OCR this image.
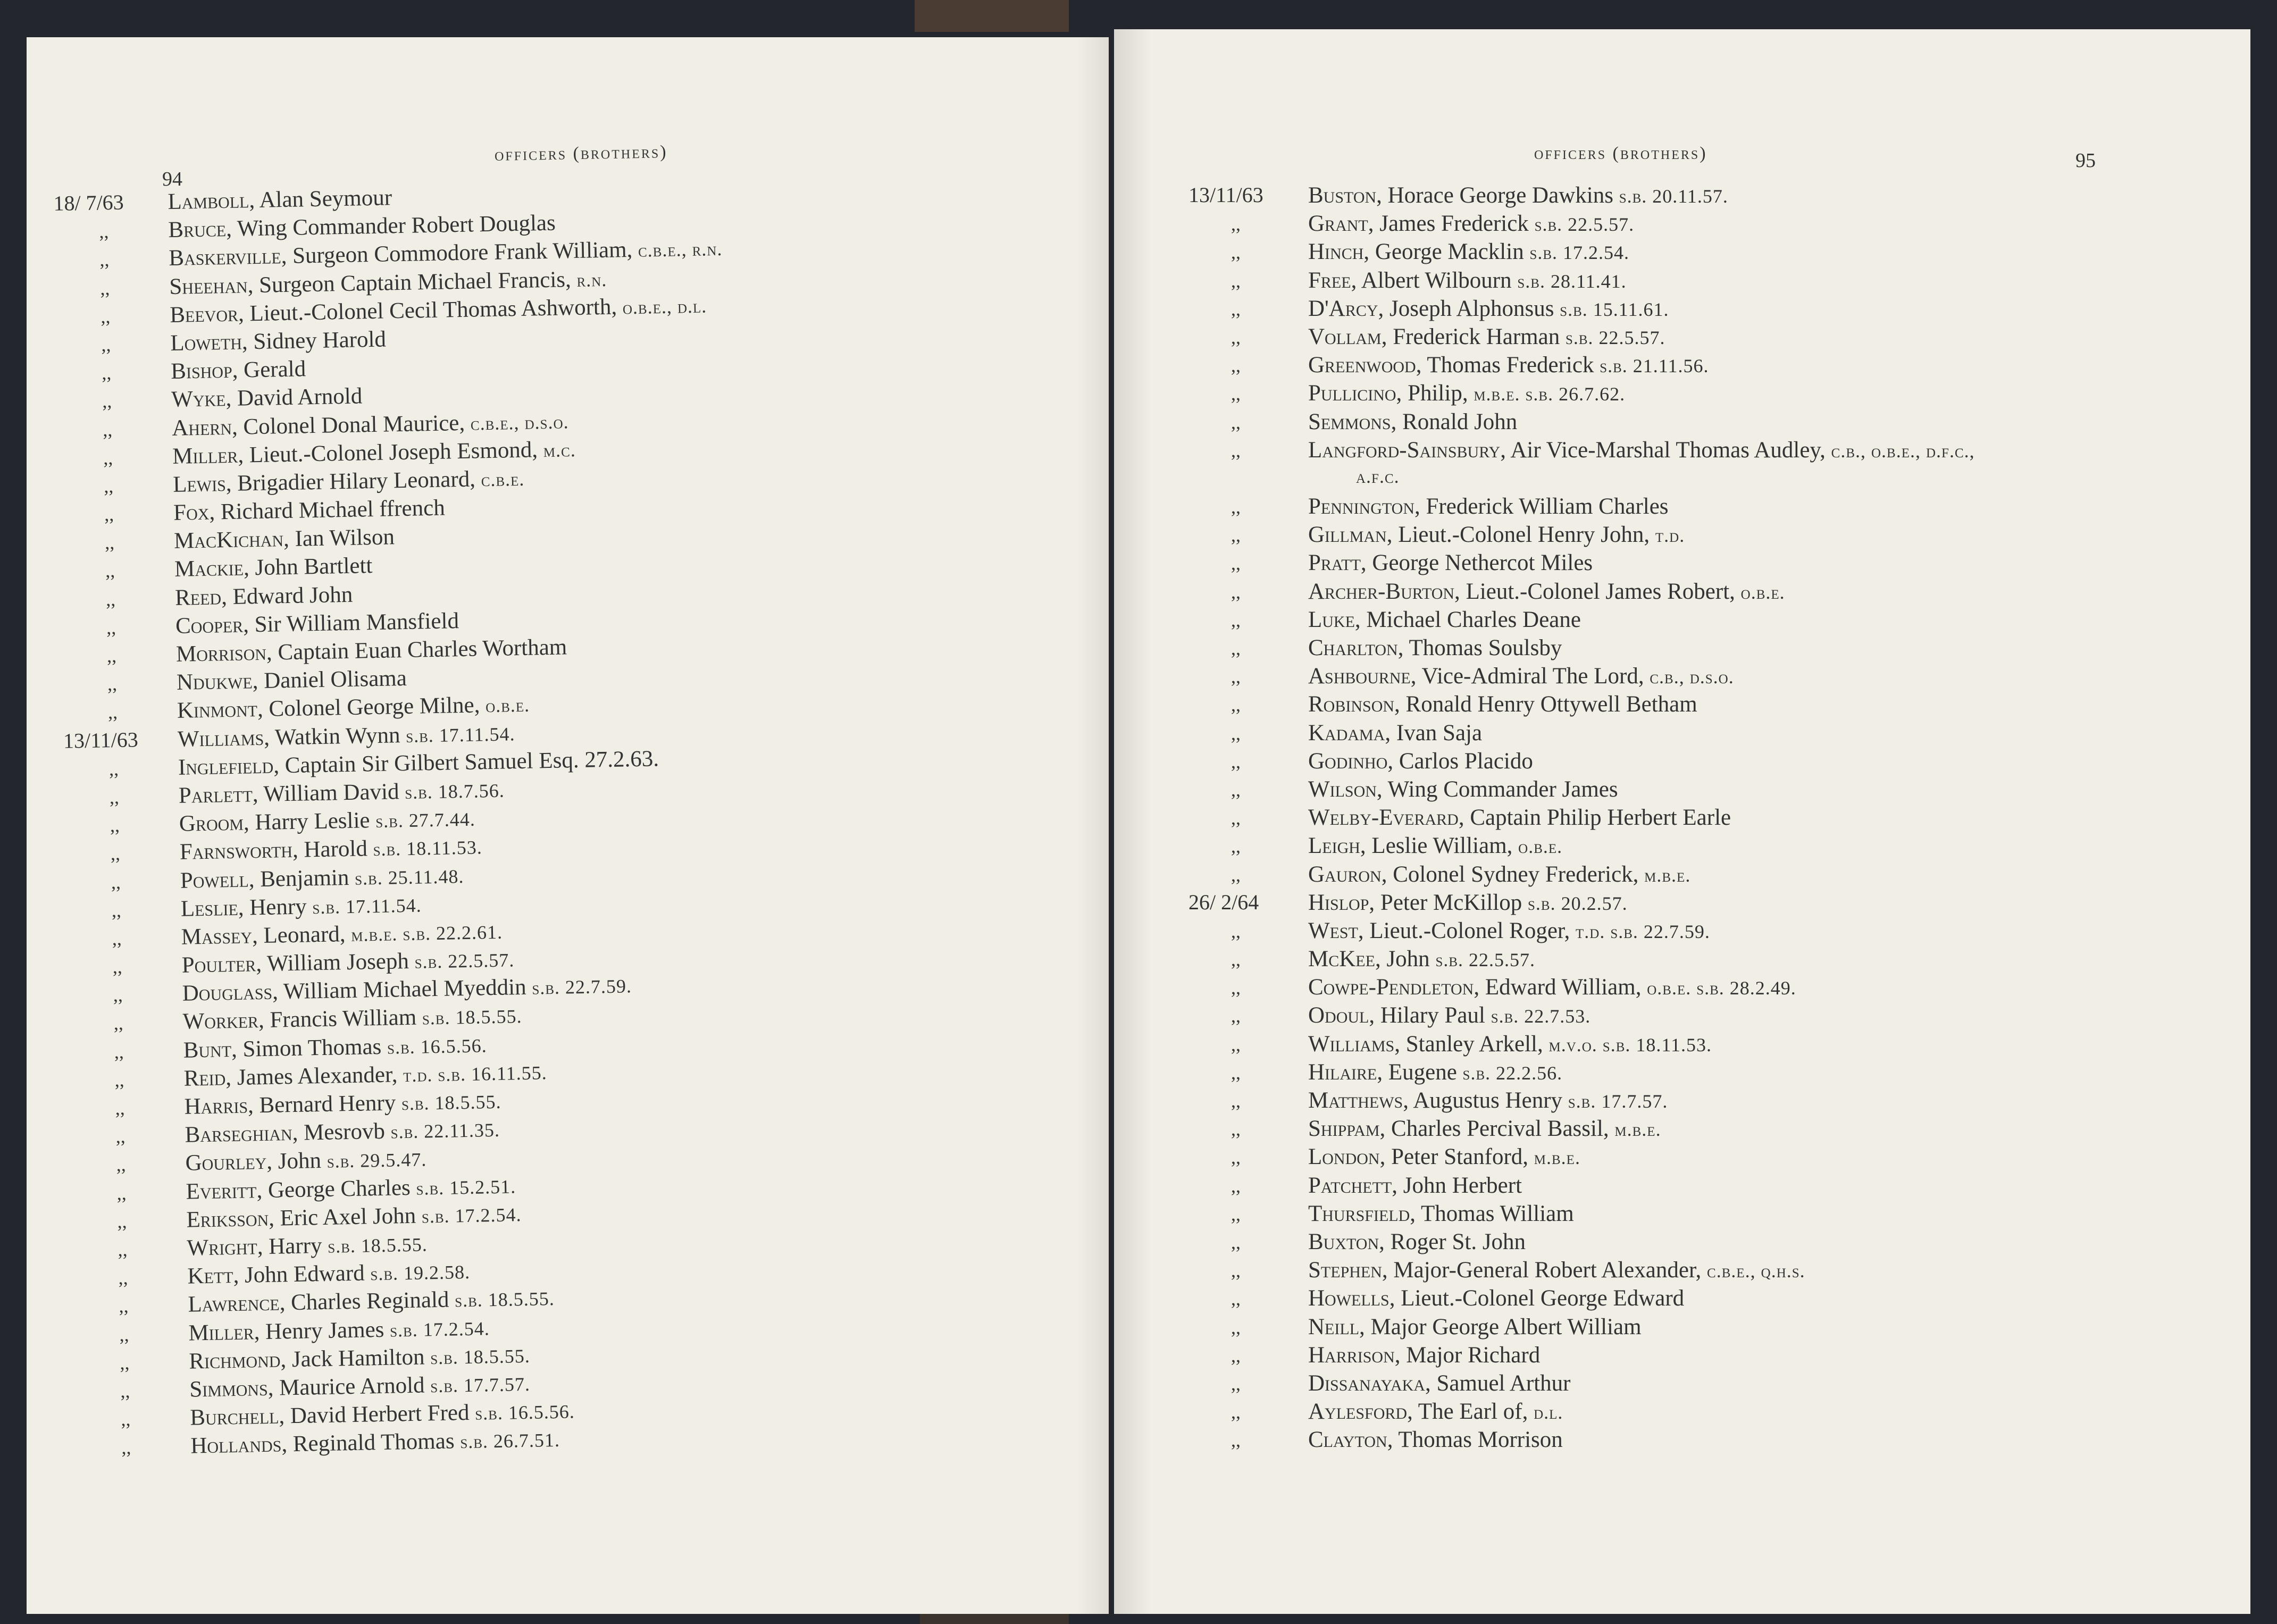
94
officers (brothers)
18/ 7/63 Lamboll, Alan Seymour
,,	Bruce, Wing Commander Robert Douglas
,,	Baskerville, Surgeon Commodore Frank William, c.b.e., r.n.
,,	Sheehan, Surgeon Captain Michael Francis, r.n.
,,	Beevor, Lieut.-Colonel Cecil Thomas Ashworth, o.b.e., d.l.
,,	Loweth, Sidney Harold
,,	Bishop, Gerald
,,	Wyke, David Arnold
,,	Ahern, Colonel Donal Maurice, c.b.e., d.s.o.
,,	Miller, Lieut.-Colonel Joseph Esmond, m.c.
,,	Lewis, Brigadier Hilary Leonard, c.b.e.
,,	Fox, Richard Michael ffrench
,,	MacKichan, Ian Wilson
,,	Mackie, John Bartlett
,,	Reed, Edward John
,,	Cooper, Sir William Mansfield
,,	Morrison, Captain Euan Charles Wortham
,,	Ndukwe, Daniel Olisama
,,	Kinmont, Colonel George Milne, o.b.e.
13/11/63 Williams, Watkin Wynn s.b. 17.11.54.
,,	Inglefield, Captain Sir Gilbert Samuel Esq. 27.2.63.
,,	Parlett, William David s.b. 18.7.56.
,,	Groom, Harry Leslie s.b. 27.7.44.
,,	Farnsworth, Harold s.b. 18.11.53.
,,	Powell, Benjamin s.b. 25.11.48.
,,	Leslie, Henry s.b. 17.11.54.
,,	Massey, Leonard, m.b.e. s.b. 22.2.61.
,,	Poulter, William Joseph s.b. 22.5.57.
,,	Douglass, William Michael Myeddin s.b. 22.7.59.
,,	Worker, Francis William s.b. 18.5.55.
,,	Bunt, Simon Thomas s.b. 16.5.56.
,,	Reid, James Alexander, t.d. s.b. 16.11.55.
,,	Harris, Bernard Henry s.b. 18.5.55.
,,	Barseghian, Mesrovb s.b. 22.11.35.
,,	Gourley, John s.b. 29.5.47.
,,	Everitt, George Charles s.b. 15.2.51.
,,	Eriksson, Eric Axel John s.b. 17.2.54.
,,	Wright, Harry s.b. 18.5.55.
,,	Kett, John Edward s.b. 19.2.58.
,,	Lawrence, Charles Reginald s.b. 18.5.55.
,,	Miller, Henry James s.b. 17.2.54.
,,	Richmond, Jack Hamilton s.b. 18.5.55.
,,	Simmons, Maurice Arnold s.b. 17.7.57.
,,	Burchell, David Herbert Fred s.b. 16.5.56.
,,	Hollands, Reginald Thomas s.b. 26.7.51.
95
officers (brothers)
13/11/63 Buston, Horace George Dawkins s.b. 20.11.57.
,,	Grant, James Frederick s.b. 22.5.57.
,,	Hinch, George Macklin s.b. 17.2.54.
,,	Free, Albert Wilbourn s.b. 28.11.41.
,,	D'Arcy, Joseph Alphonsus s.b. 15.11.61.
,,	Vollam, Frederick Harman s.b. 22.5.57.
,,	Greenwood, Thomas Frederick s.b. 21.11.56.
,,	Pullicino, Philip, m.b.e. s.b. 26.7.62.
,,	Semmons, Ronald John
,,	Langford-Sainsbury, Air Vice-Marshal Thomas Audley, c.b., o.b.e., d.f.c.,
a.f.c.
,,	Pennington, Frederick William Charles
,,	Gillman, Lieut.-Colonel Henry John, t.d.
,,	Pratt, George Nethercot Miles
,,	Archer-Burton, Lieut.-Colonel James Robert, o.b.e.
,,	Luke, Michael Charles Deane
,,	Charlton, Thomas Soulsby
,,	Ashbourne, Vice-Admiral The Lord, c.b., d.s.o.
,,	Robinson, Ronald Henry Ottywell Betham
,,	Kadama, Ivan Saja
,,	Godinho, Carlos Placido
,,	Wilson, Wing Commander James
,,	Welby-Everard, Captain Philip Herbert Earle
,,	Leigh, Leslie William, o.b.e.
,,	Gauron, Colonel Sydney Frederick, m.b.e.
26/ 2/64 Hislop, Peter McKillop s.b. 20.2.57.
,,	West, Lieut.-Colonel Roger, t.d. s.b. 22.7.59.
,,	McKee, John s.b. 22.5.57.
,,	Cowpe-Pendleton, Edward William, o.b.e. s.b. 28.2.49.
,,	Odoul, Hilary Paul s.b. 22.7.53.
,,	Williams, Stanley Arkell, m.v.o. s.b. 18.11.53.
,,	Hilaire, Eugene s.b. 22.2.56.
,,	Matthews, Augustus Henry s.b. 17.7.57.
,,	Shippam, Charles Percival Bassil, m.b.e.
,,	London, Peter Stanford, m.b.e.
,,	Patchett, John Herbert
,,	Thursfield, Thomas William
,,	Buxton, Roger St. John
,,	Stephen, Major-General Robert Alexander, c.b.e., q.h.s.
,,	Howells, Lieut.-Colonel George Edward
,,	Neill, Major George Albert William
,,	Harrison, Major Richard
,,	Dissanayaka, Samuel Arthur
,,	Aylesford, The Earl of, d.l.
,,	Clayton, Thomas Morrison
